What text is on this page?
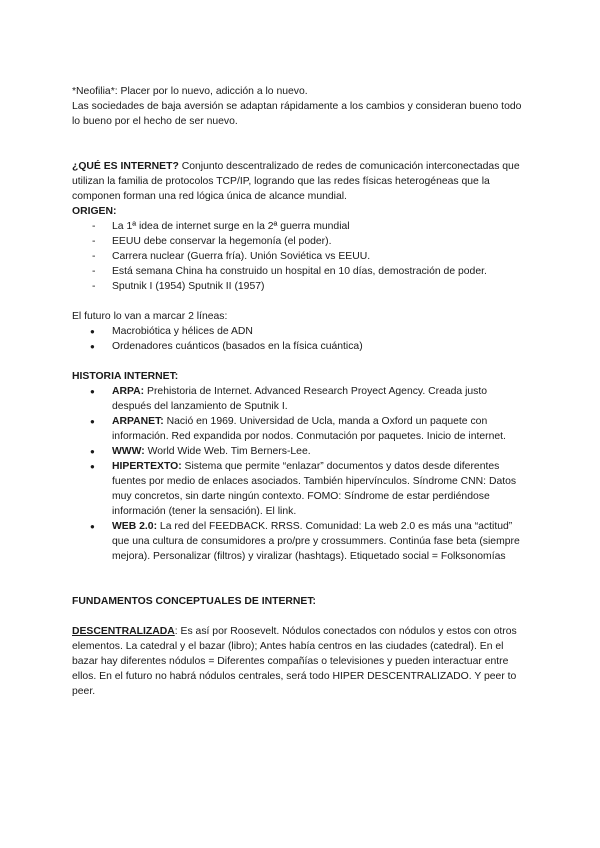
*Neofilia*: Placer por lo nuevo, adicción a lo nuevo.

Las sociedades de baja aversión se adaptan rápidamente a los cambios y consideran bueno todo lo bueno por el hecho de ser nuevo.

¿QUÉ ES INTERNET? Conjunto descentralizado de redes de comunicación interconectadas que utilizan la familia de protocolos TCP/IP, logrando que las redes físicas heterogéneas que la componen forman una red lógica única de alcance mundial.

ORIGEN:

- La 1ª idea de internet surge en la 2ª guerra mundial
- EEUU debe conservar la hegemonía (el poder).
- Carrera nuclear (Guerra fría). Unión Soviética vs EEUU.
- Está semana China ha construido un hospital en 10 días, demostración de poder.
- Sputnik I (1954) Sputnik II (1957)

El futuro lo van a marcar 2 líneas:

● Macrobiótica y hélices de ADN
● Ordenadores cuánticos (basados en la física cuántica)

HISTORIA INTERNET:

● ARPA: Prehistoria de Internet. Advanced Research Proyect Agency. Creada justo después del lanzamiento de Sputnik I.
● ARPANET: Nació en 1969. Universidad de Ucla, manda a Oxford un paquete con información. Red expandida por nodos. Conmutación por paquetes. Inicio de internet.
● WWW: World Wide Web. Tim Berners-Lee.
● HIPERTEXTO: Sistema que permite “enlazar” documentos y datos desde diferentes fuentes por medio de enlaces asociados. También hipervínculos. Síndrome CNN: Datos muy concretos, sin darte ningún contexto. FOMO: Síndrome de estar perdiéndose información (tener la sensación). El link.
● WEB 2.0: La red del FEEDBACK. RRSS. Comunidad: La web 2.0 es más una “actitud” que una cultura de consumidores a pro/pre y crossummers. Continúa fase beta (siempre mejora). Personalizar (filtros) y viralizar (hashtags). Etiquetado social = Folksonomías

FUNDAMENTOS CONCEPTUALES DE INTERNET:

DESCENTRALIZADA: Es así por Roosevelt. Nódulos conectados con nódulos y estos con otros elementos. La catedral y el bazar (libro); Antes había centros en las ciudades (catedral). En el bazar hay diferentes nódulos = Diferentes compañías o televisiones y pueden interactuar entre ellos. En el futuro no habrá nódulos centrales, será todo HIPER DESCENTRALIZADO. Y peer to peer.
